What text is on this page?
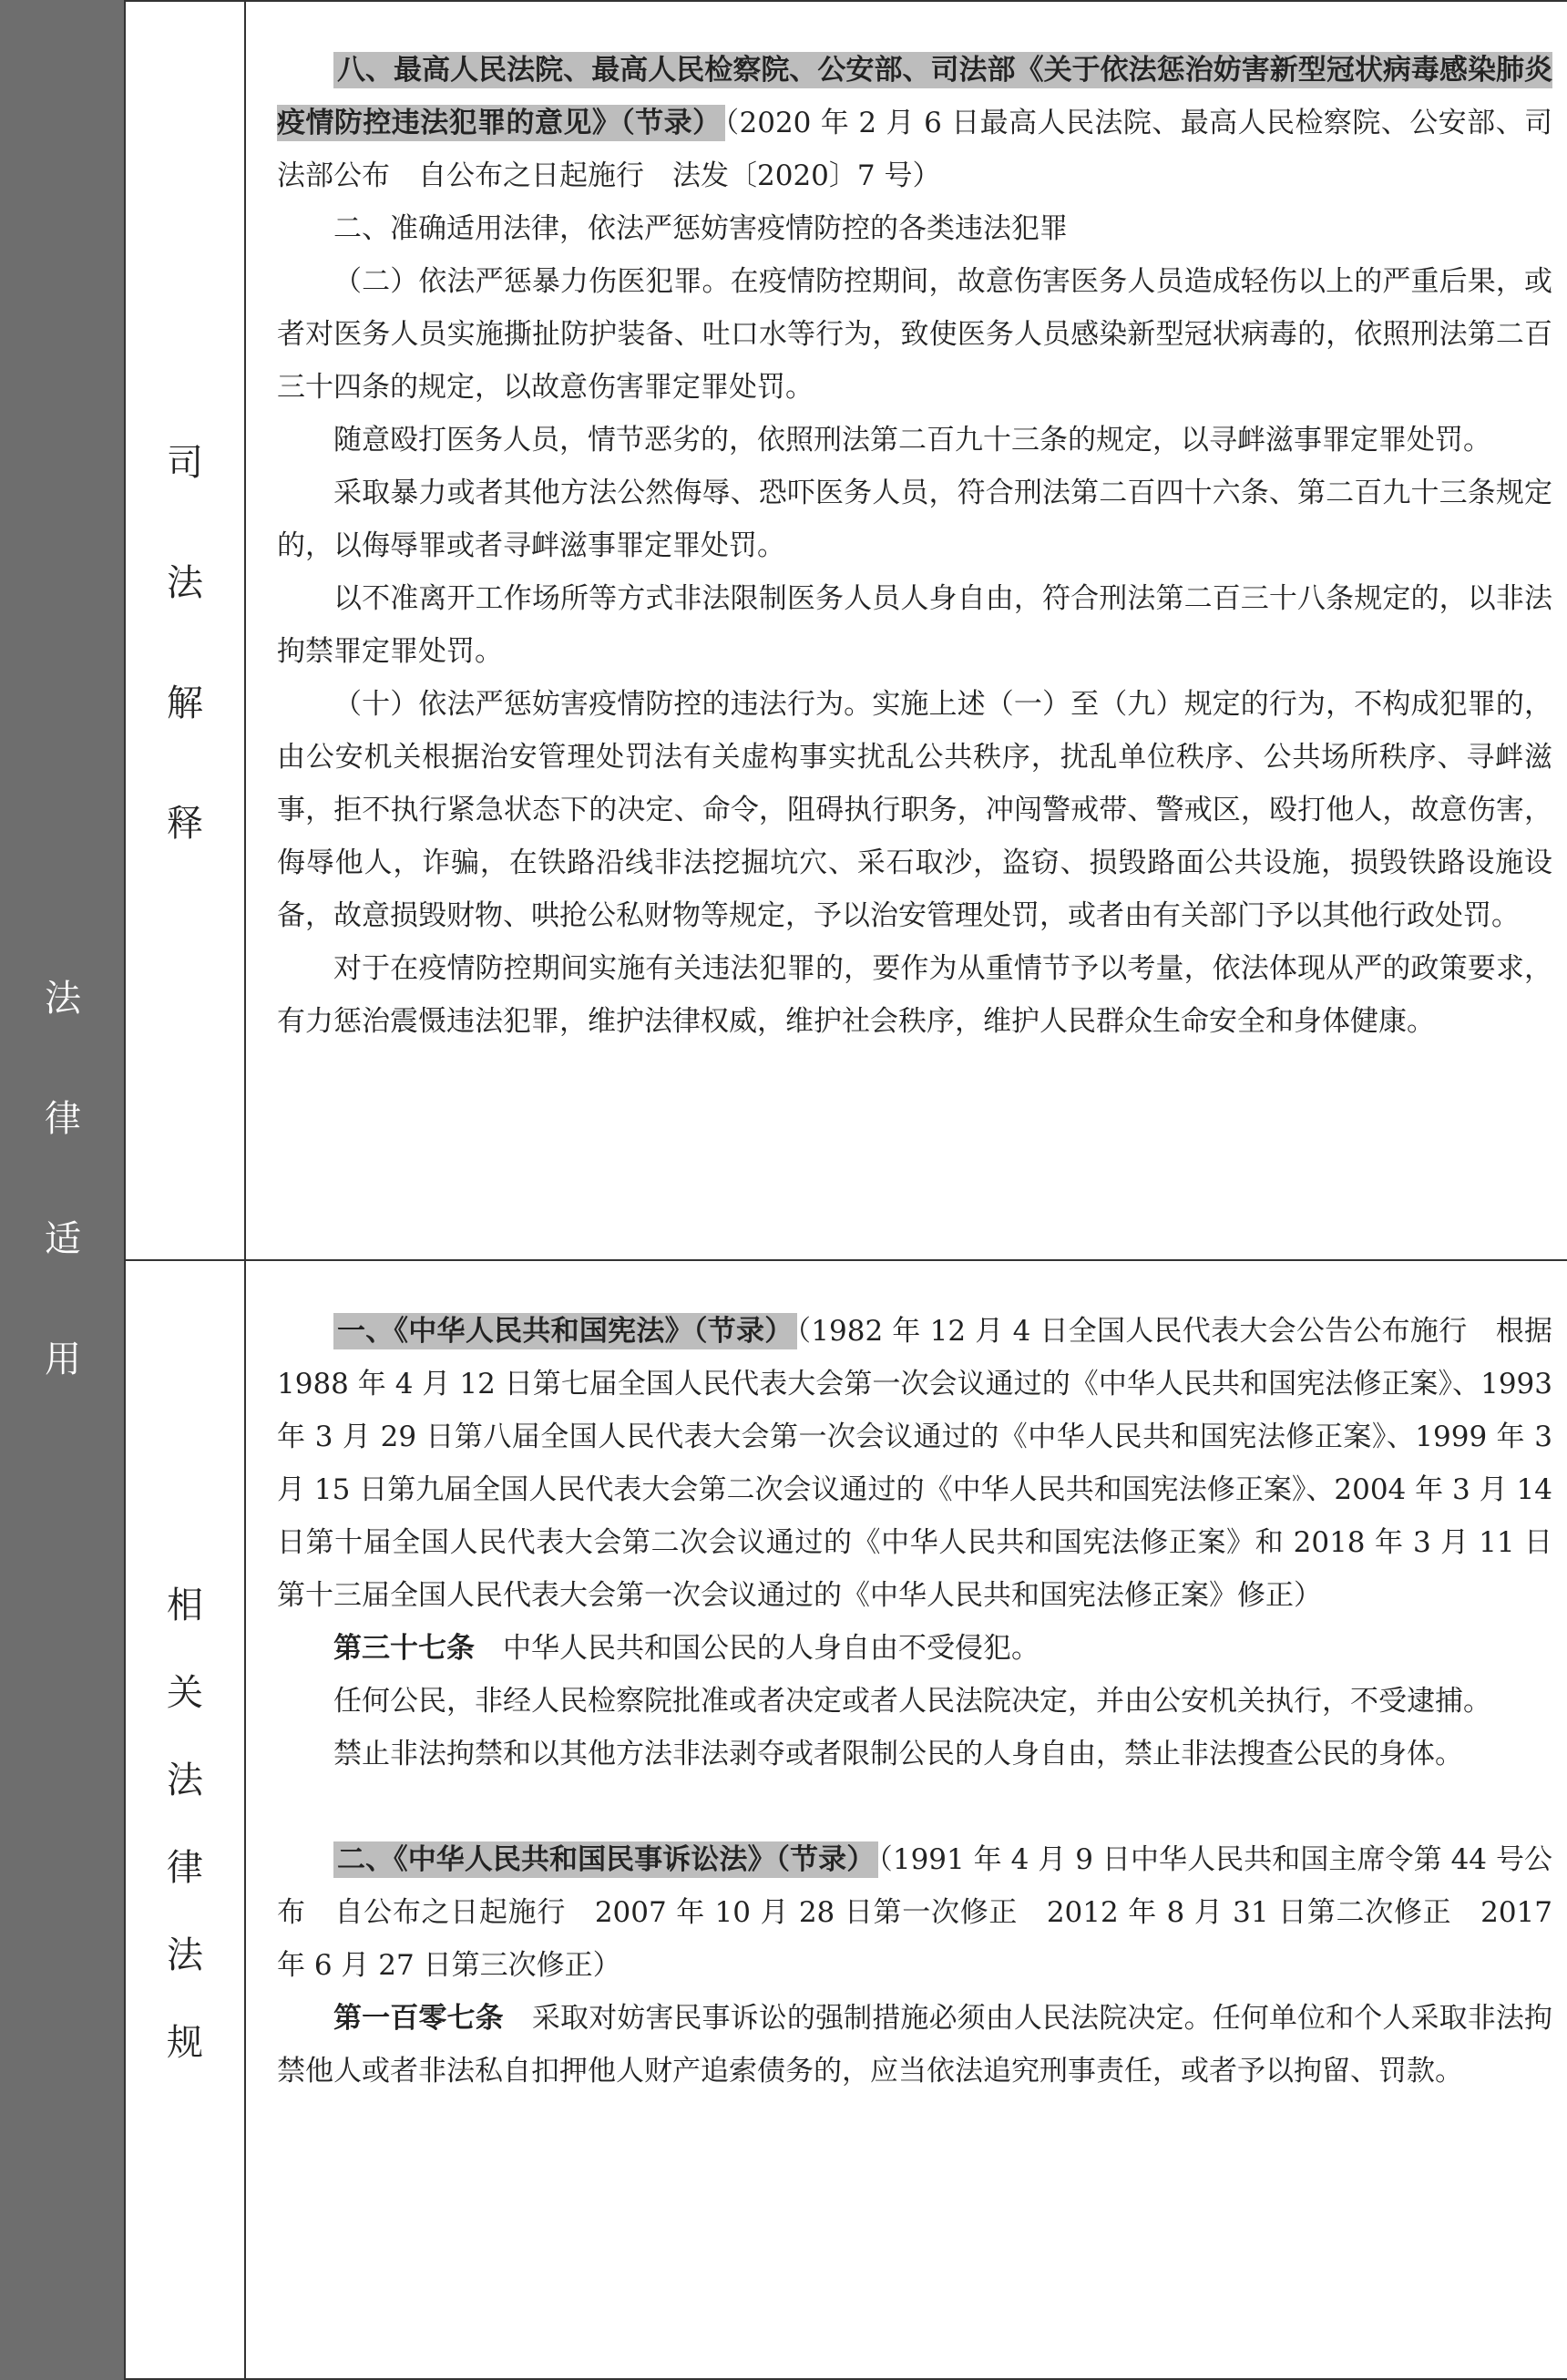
法
律
适
用
司
法
解
释

八、最高人民法院、最高人民检察院、公安部、司法部《关于依法惩治妨害新型冠状病毒感染肺炎疫情防控违法犯罪的意见》（节录） （2020 年 2 月 6 日最高人民法院、最高人民检察院、公安部、司法部公布　自公布之日起施行　法发〔2020〕7 号）

二、准确适用法律，依法严惩妨害疫情防控的各类违法犯罪

（二）依法严惩暴力伤医犯罪。在疫情防控期间，故意伤害医务人员造成轻伤以上的严重后果，或者对医务人员实施撕扯防护装备、吐口水等行为，致使医务人员感染新型冠状病毒的，依照刑法第二百三十四条的规定，以故意伤害罪定罪处罚。

随意殴打医务人员，情节恶劣的，依照刑法第二百九十三条的规定，以寻衅滋事罪定罪处罚。

采取暴力或者其他方法公然侮辱、恐吓医务人员，符合刑法第二百四十六条、第二百九十三条规定的，以侮辱罪或者寻衅滋事罪定罪处罚。

以不准离开工作场所等方式非法限制医务人员人身自由，符合刑法第二百三十八条规定的，以非法拘禁罪定罪处罚。

（十）依法严惩妨害疫情防控的违法行为。实施上述（一）至（九）规定的行为，不构成犯罪的，由公安机关根据治安管理处罚法有关虚构事实扰乱公共秩序，扰乱单位秩序、公共场所秩序、寻衅滋事，拒不执行紧急状态下的决定、命令，阻碍执行职务，冲闯警戒带、警戒区，殴打他人，故意伤害，侮辱他人，诈骗，在铁路沿线非法挖掘坑穴、采石取沙，盗窃、损毁路面公共设施，损毁铁路设施设备，故意损毁财物、哄抢公私财物等规定，予以治安管理处罚，或者由有关部门予以其他行政处罚。

对于在疫情防控期间实施有关违法犯罪的，要作为从重情节予以考量，依法体现从严的政策要求，有力惩治震慑违法犯罪，维护法律权威，维护社会秩序，维护人民群众生命安全和身体健康。

相
关
法
律
法
规

一、《中华人民共和国宪法》（节录） （1982 年 12 月 4 日全国人民代表大会公告公布施行　根据 1988 年 4 月 12 日第七届全国人民代表大会第一次会议通过的《中华人民共和国宪法修正案》、1993 年 3 月 29 日第八届全国人民代表大会第一次会议通过的《中华人民共和国宪法修正案》、1999 年 3 月 15 日第九届全国人民代表大会第二次会议通过的《中华人民共和国宪法修正案》、2004 年 3 月 14 日第十届全国人民代表大会第二次会议通过的《中华人民共和国宪法修正案》和 2018 年 3 月 11 日第十三届全国人民代表大会第一次会议通过的《中华人民共和国宪法修正案》修正）

第三十七条　中华人民共和国公民的人身自由不受侵犯。

任何公民，非经人民检察院批准或者决定或者人民法院决定，并由公安机关执行，不受逮捕。

禁止非法拘禁和以其他方法非法剥夺或者限制公民的人身自由，禁止非法搜查公民的身体。

二、《中华人民共和国民事诉讼法》（节录） （1991 年 4 月 9 日中华人民共和国主席令第 44 号公布　自公布之日起施行　2007 年 10 月 28 日第一次修正　2012 年 8 月 31 日第二次修正　2017 年 6 月 27 日第三次修正）

第一百零七条　采取对妨害民事诉讼的强制措施必须由人民法院决定。任何单位和个人采取非法拘禁他人或者非法私自扣押他人财产追索债务的，应当依法追究刑事责任，或者予以拘留、罚款。
